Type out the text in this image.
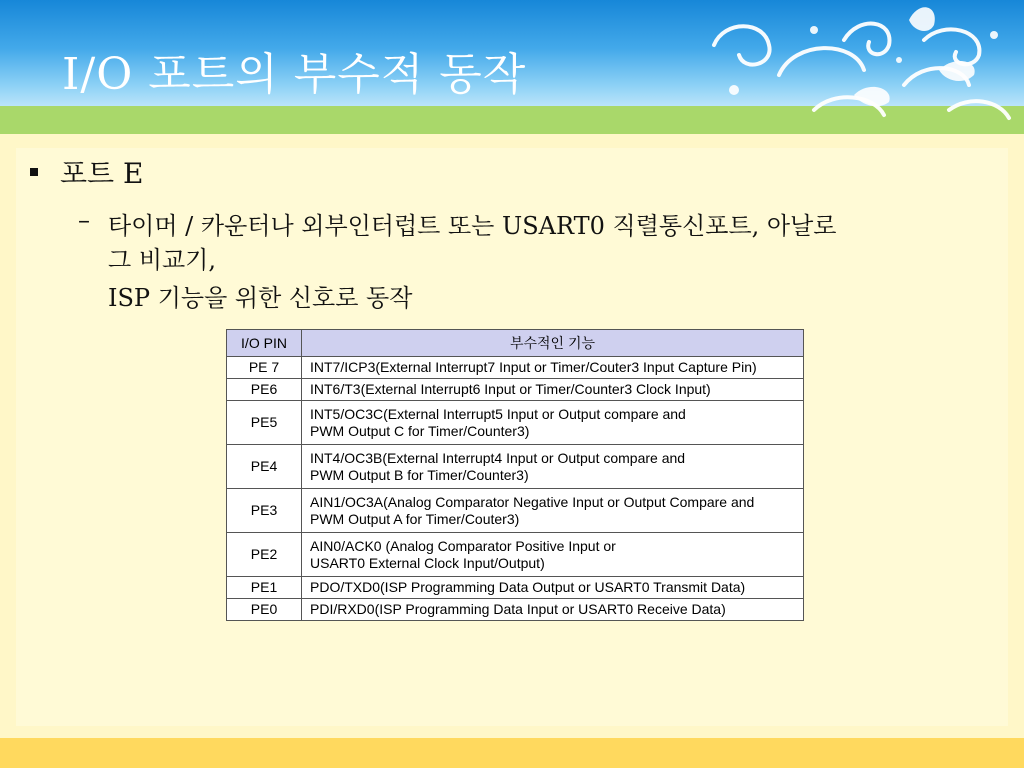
I/O 포트의 부수적 동작
포트 E
– 타이머 / 카운터나 외부인터럽트 또는 USART0 직렬통신포트, 아날로
그 비교기,
ISP 기능을 위한 신호로 동작
I/O PIN	부수적인 기능
PE 7	INT7/ICP3(External Interrupt7 Input or Timer/Couter3 Input Capture Pin)

PE6	INT6/T3(External Interrupt6 Input or Timer/Counter3 Clock Input)

PE5	INT5/OC3C(External Interrupt5 Input or Output compare and
PWM Output C for Timer/Counter3)

PE4	INT4/OC3B(External Interrupt4 Input or Output compare and
PWM Output B for Timer/Counter3)

PE3	AIN1/OC3A(Analog Comparator Negative Input or Output Compare and
PWM Output A for Timer/Couter3)

PE2	AIN0/ACK0 (Analog Comparator Positive Input or
USART0 External Clock Input/Output)

PE1	PDO/TXD0(ISP Programming Data Output or USART0 Transmit Data)

PE0	PDI/RXD0(ISP Programming Data Input or USART0 Receive Data)
